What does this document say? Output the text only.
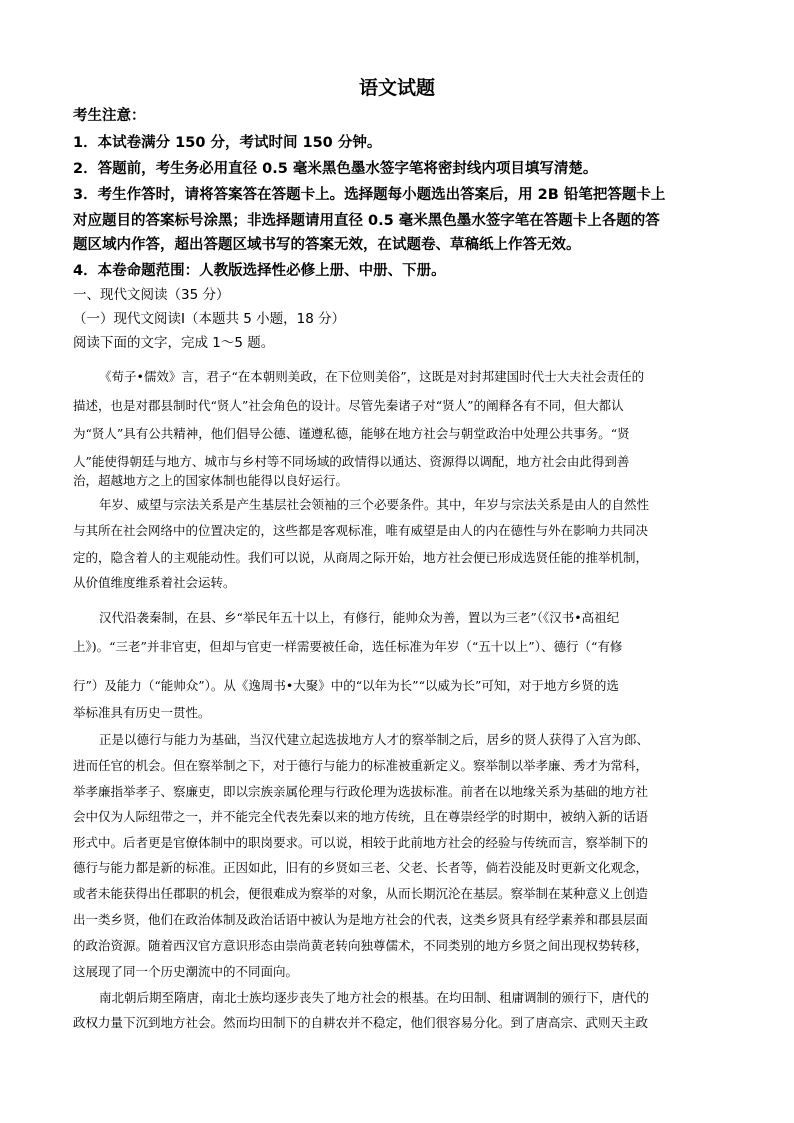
语文试题
考生注意：
1．本试卷满分 150 分，考试时间 150 分钟。
2．答题前，考生务必用直径 0.5 毫米黑色墨水签字笔将密封线内项目填写清楚。
3．考生作答时，请将答案答在答题卡上。选择题每小题选出答案后，用 2B 铅笔把答题卡上
对应题目的答案标号涂黑；非选择题请用直径 0.5 毫米黑色墨水签字笔在答题卡上各题的答
题区域内作答，超出答题区域书写的答案无效，在试题卷、草稿纸上作答无效。
4．本卷命题范围：人教版选择性必修上册、中册、下册。
一、现代文阅读（35 分）
（一）现代文阅读Ⅰ（本题共 5 小题，18 分）
阅读下面的文字，完成 1～5 题。
《荀子•儒效》言，君子“在本朝则美政，在下位则美俗”，这既是对封邦建国时代士大夫社会责任的
描述，也是对郡县制时代“贤人”社会角色的设计。尽管先秦诸子对“贤人”的阐释各有不同，但大都认
为“贤人”具有公共精神，他们倡导公德、谨遵私德，能够在地方社会与朝堂政治中处理公共事务。“贤
人”能使得朝廷与地方、城市与乡村等不同场域的政情得以通达、资源得以调配，地方社会由此得到善
治，超越地方之上的国家体制也能得以良好运行。
年岁、威望与宗法关系是产生基层社会领袖的三个必要条件。其中，年岁与宗法关系是由人的自然性
与其所在社会网络中的位置决定的，这些都是客观标准，唯有威望是由人的内在德性与外在影响力共同决
定的，隐含着人的主观能动性。我们可以说，从商周之际开始，地方社会便已形成选贤任能的推举机制，
从价值维度维系着社会运转。
汉代沿袭秦制，在县、乡“举民年五十以上，有修行，能帅众为善，置以为三老”（《汉书•高祖纪
上》)。“三老”并非官吏，但却与官吏一样需要被任命，选任标准为年岁（“五十以上”）、德行（“有修
行”）及能力（“能帅众”）。从《逸周书•大聚》中的“以年为长”“以威为长”可知，对于地方乡贤的选
举标准具有历史一贯性。
正是以德行与能力为基础，当汉代建立起选拔地方人才的察举制之后，居乡的贤人获得了入宫为郎、
进而任官的机会。但在察举制之下，对于德行与能力的标准被重新定义。察举制以举孝廉、秀才为常科，
举孝廉指举孝子、察廉吏，即以宗族亲属伦理与行政伦理为选拔标准。前者在以地缘关系为基础的地方社
会中仅为人际纽带之一，并不能完全代表先秦以来的地方传统，且在尊崇经学的时期中，被纳入新的话语
形式中。后者更是官僚体制中的职岗要求。可以说，相较于此前地方社会的经验与传统而言，察举制下的
德行与能力都是新的标准。正因如此，旧有的乡贤如三老、父老、长者等，倘若没能及时更新文化观念，
或者未能获得出任郡职的机会，便很难成为察举的对象，从而长期沉沦在基层。察举制在某种意义上创造
出一类乡贤，他们在政治体制及政治话语中被认为是地方社会的代表，这类乡贤具有经学素养和郡县层面
的政治资源。随着西汉官方意识形态由崇尚黄老转向独尊儒术，不同类别的地方乡贤之间出现权势转移，
这展现了同一个历史潮流中的不同面向。
南北朝后期至隋唐，南北士族均逐步丧失了地方社会的根基。在均田制、租庸调制的颁行下，唐代的
政权力量下沉到地方社会。然而均田制下的自耕农并不稳定，他们很容易分化。到了唐高宗、武则天主政
